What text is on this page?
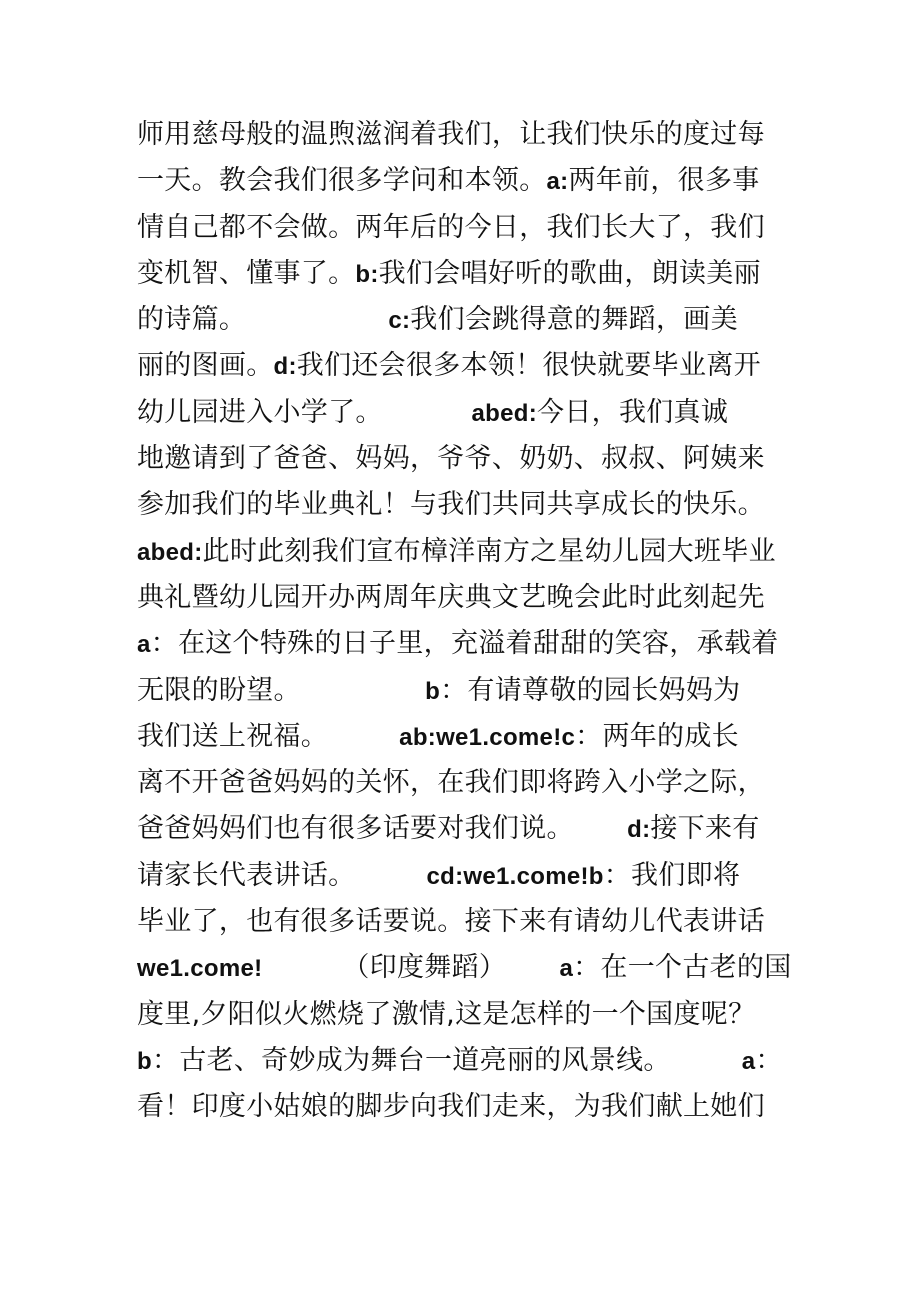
师用慈母般的温煦滋润着我们，让我们快乐的度过每
一天。教会我们很多学问和本领。a:两年前，很多事
情自己都不会做。两年后的今日，我们长大了，我们
变机智、懂事了。b:我们会唱好听的歌曲，朗读美丽
的诗篇。                c:我们会跳得意的舞蹈，画美
丽的图画。d:我们还会很多本领！很快就要毕业离开
幼儿园进入小学了。          abed:今日，我们真诚
地邀请到了爸爸、妈妈，爷爷、奶奶、叔叔、阿姨来
参加我们的毕业典礼！与我们共同共享成长的快乐。
abed:此时此刻我们宣布樟洋南方之星幼儿园大班毕业
典礼暨幼儿园开办两周年庆典文艺晚会此时此刻起先
a：在这个特殊的日子里，充溢着甜甜的笑容，承载着
无限的盼望。              b：有请尊敬的园长妈妈为
我们送上祝福。        ab:we1.come!c：两年的成长
离不开爸爸妈妈的关怀，在我们即将跨入小学之际，
爸爸妈妈们也有很多话要对我们说。      d:接下来有
请家长代表讲话。        cd:we1.come!b：我们即将
毕业了，也有很多话要说。接下来有请幼儿代表讲话
we1.come!         （印度舞蹈）      a：在一个古老的国
度里,夕阳似火燃烧了激情,这是怎样的一个国度呢？
b：古老、奇妙成为舞台一道亮丽的风景线。        a：
看！印度小姑娘的脚步向我们走来，为我们献上她们
